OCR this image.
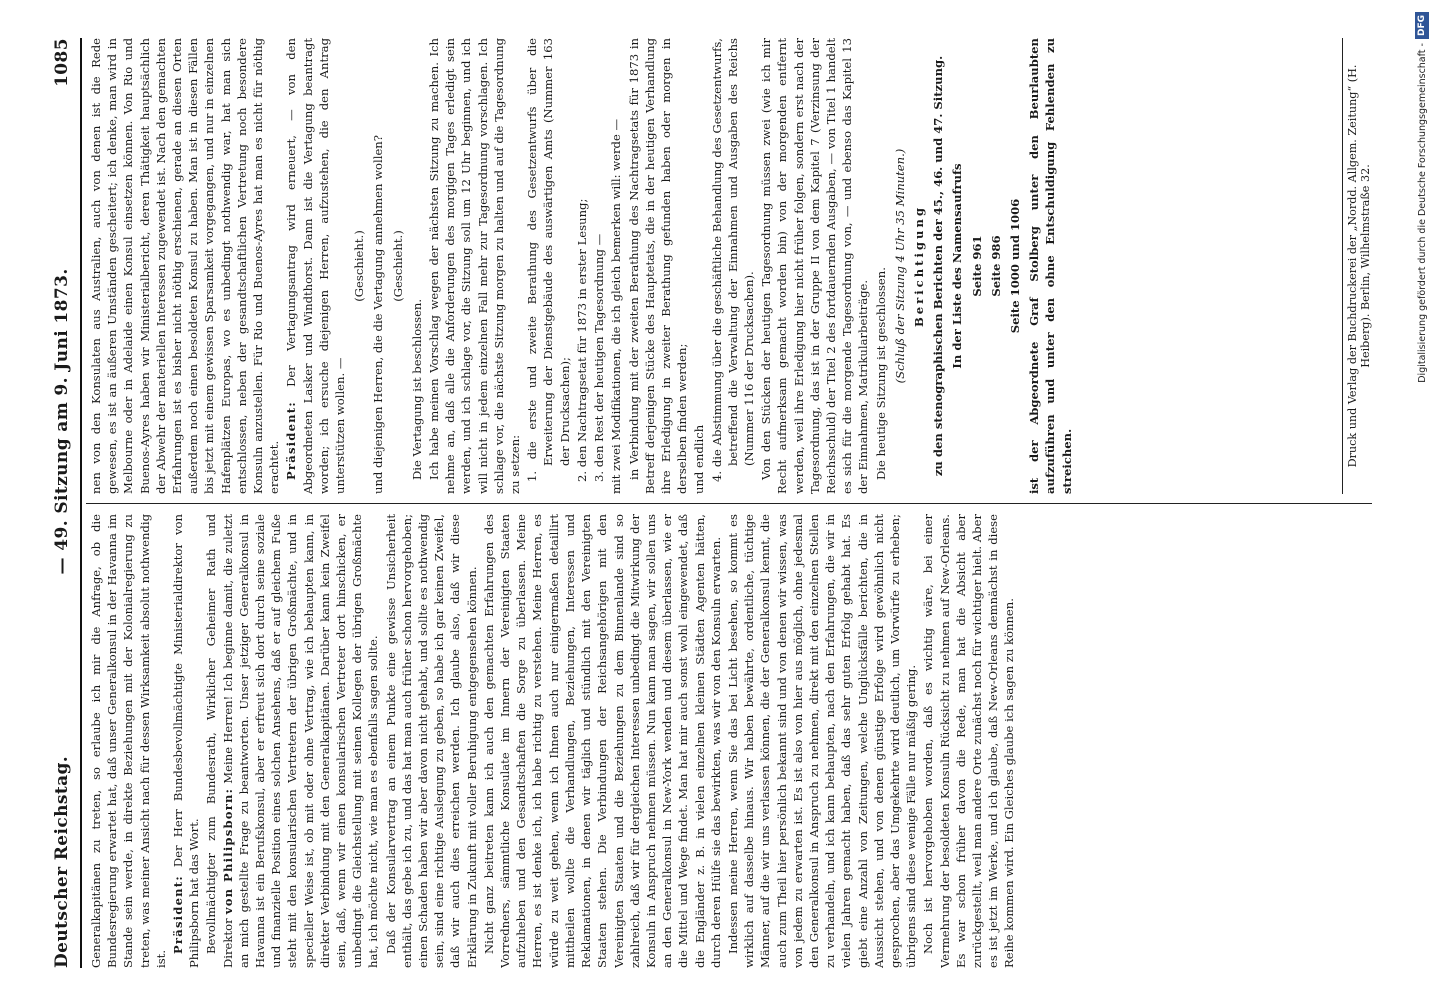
Deutscher Reichstag.
— 49. Sitzung am 9. Juni 1873.
1085

Generalkapitänen zu treten, so erlaube ich mir die Anfrage, ob die Bundesregierung erwartet hat, daß unser Generalkonsul in der Havanna im Stande sein werde, in direkte Beziehungen mit der Kolonialregierung zu treten, was meiner Ansicht nach für dessen Wirksamkeit absolut nothwendig ist.

Präsident: Der Herr Bundesbevollmächtigte Ministerialdirektor von Philipsborn hat das Wort. Bevollmächtigter zum Bundesrath, Wirklicher Geheimer Rath und Direktor von Philipsborn: Meine Herren! Ich beginne damit, die zuletzt an mich gestellte Frage zu beantworten. Unser jetziger Generalkonsul in Havanna ist ein Berufskonsul, aber er erfreut sich dort durch seine soziale und finanzielle Position eines solchen Ansehens, daß er auf gleichem Fuße steht mit den konsularischen Vertretern der übrigen Großmächte, und in specieller Weise ist, ob mit oder ohne Vertrag, wie ich behaupten kann, in direkter Verbindung mit den Generalkapitänen. Darüber kann kein Zweifel sein, daß, wenn wir einen konsularischen Vertreter dort hinschicken, er unbedingt die Gleichstellung mit seinen Kollegen der übrigen Großmächte hat, ich möchte nicht, wie man es ebenfalls sagen sollte. Daß der Konsularvertrag an einem Punkte eine gewisse Unsicherheit enthält, das gebe ich zu, und das hat man auch früher schon hervorgehoben; einen Schaden haben wir aber davon nicht gehabt, und sollte es nothwendig sein, sind eine richtige Auslegung zu geben, so habe ich gar keinen Zweifel, daß wir auch dies erreichen werden. Ich glaube also, daß wir diese Erklärung in Zukunft mit voller Beruhigung entgegensehen können. Nicht ganz beitreten kann ich auch den gemachten Erfahrungen des Vorredners, sämmtliche Konsulate im Innern der Vereinigten Staaten aufzuheben und den Gesandtschaften die Sorge zu überlassen. Meine Herren, es ist denke ich, ich habe richtig zu verstehen. Meine Herren, es würde zu weit gehen, wenn ich Ihnen auch nur einigermaßen detaillirt mittheilen wollte die Verhandlungen, Beziehungen, Interessen und Reklamationen, in denen wir täglich und stündlich mit den Vereinigten Staaten stehen. Die Verbindungen der Reichsangehörigen mit den Vereinigten Staaten und die Beziehungen zu dem Binnenlande sind so zahlreich, daß wir für dergleichen Interessen unbedingt die Mitwirkung der Konsuln in Anspruch nehmen müssen. Nun kann man sagen, wir sollen uns an den Generalkonsul in New-York wenden und diesem überlassen, wie er die Mittel und Wege findet. Man hat mir auch sonst wohl eingewendet, daß die Engländer z. B. in vielen einzelnen kleinen Städten Agenten hätten, durch deren Hülfe sie das bewirkten, was wir von den Konsuln erwarten. Indessen meine Herren, wenn Sie das bei Licht besehen, so kommt es wirklich auf dasselbe hinaus. Wir haben bewährte, ordentliche, tüchtige Männer, auf die wir uns verlassen können, die der Generalkonsul kennt, die auch zum Theil hier persönlich bekannt sind und von denen wir wissen, was von jedem zu erwarten ist. Es ist also von hier aus möglich, ohne jedesmal den Generalkonsul in Anspruch zu nehmen, direkt mit den einzelnen Stellen zu verhandeln, und ich kann behaupten, nach den Erfahrungen, die wir in vielen Jahren gemacht haben, daß das sehr guten Erfolg gehabt hat. Es giebt eine Anzahl von Zeitungen, welche Unglücksfälle berichten, die in Aussicht stehen, und von denen günstige Erfolge wird gewöhnlich nicht gesprochen, aber das Umgekehrte wird deutlich, um Vorwürfe zu erheben; übrigens sind diese wenige Fälle nur mäßig gering. Noch ist hervorgehoben worden, daß es wichtig wäre, bei einer Vermehrung der besoldeten Konsuln Rücksicht zu nehmen auf New-Orleans. Es war schon früher davon die Rede, man hat die Absicht aber zurückgestellt, weil man andere Orte zunächst noch für wichtiger hielt. Aber es ist jetzt im Werke, und ich glaube, daß New-Orleans demnächst in diese Reihe kommen wird. Ein Gleiches glaube ich sagen zu können.

nen von den Konsulaten aus Australien, auch von denen ist die Rede gewesen, es ist an äußeren Umständen gescheitert; ich denke, man wird in Melbourne oder in Adelaide einen Konsul einsetzen können. Von Rio und Buenos-Ayres haben wir Ministerialbericht, deren Thätigkeit hauptsächlich der Abwehr der materiellen Interessen zugewendet ist. Nach den gemachten Erfahrungen ist es bisher nicht nöthig erschienen, gerade an diesen Orten außerdem noch einen besoldeten Konsul zu haben. Man ist in diesen Fällen bis jetzt mit einem gewissen Sparsamkeit vorgegangen, und nur in einzelnen Hafenplätzen Europas, wo es unbedingt nothwendig war, hat man sich entschlossen, neben der gesandtschaftlichen Vertretung noch besondere Konsuln anzustellen. Für Rio und Buenos-Ayres hat man es nicht für nöthig erachtet. Präsident: Der Vertagungsantrag wird erneuert, — von den Abgeordneten Lasker und Windthorst. Dann ist die Vertagung beantragt worden; ich ersuche diejenigen Herren, aufzustehen, die den Antrag unterstützen wollen. —

(Geschieht.) und diejenigen Herren, die die Vertagung annehmen wollen? (Geschieht.)

Die Vertagung ist beschlossen. Ich habe meinen Vorschlag wegen der nächsten Sitzung zu machen. Ich nehme an, daß alle die Anforderungen des morgigen Tages erledigt sein werden, und ich schlage vor, die Sitzung soll um 12 Uhr beginnen, und ich will nicht in jedem einzelnen Fall mehr zur Tagesordnung vorschlagen. Ich schlage vor, die nächste Sitzung morgen zu halten und auf die Tagesordnung zu setzen: 1. die erste und zweite Berathung des Gesetzentwurfs über die Erweiterung der Dienstgebäude des auswärtigen Amts (Nummer 163 der Drucksachen); 2. den Nachtragsetat für 1873 in erster Lesung; 3. den Rest der heutigen Tagesordnung — mit zwei Modifikationen, die ich gleich bemerken will: werde — in Verbindung mit der zweiten Berathung des Nachtragsetats für 1873 in Betreff derjenigen Stücke des Hauptetats, die in der heutigen Verhandlung ihre Erledigung in zweiter Berathung gefunden haben oder morgen in derselben finden werden; und endlich 4. die Abstimmung über die geschäftliche Behandlung des Gesetzentwurfs, betreffend die Verwaltung der Einnahmen und Ausgaben des Reichs (Nummer 116 der Drucksachen). Von den Stücken der heutigen Tagesordnung müssen zwei (wie ich mir Recht aufmerksam gemacht worden bin) von der morgenden entfernt werden, weil ihre Erledigung hier nicht früher folgen, sondern erst nach der Tagesordnung, das ist in der Gruppe II von dem Kapitel 7 (Verzinsung der Reichsschuld) der Titel 2 des fortdauernden Ausgaben, — von Titel 1 handelt es sich für die morgende Tagesordnung von, — und ebenso das Kapitel 13 der Einnahmen, Matrikularbeiträge. Die heutige Sitzung ist geschlossen. (Schluß der Sitzung 4 Uhr 35 Minuten.) Berichtigung zu den stenographischen Berichten der 45., 46. und 47. Sitzung. In der Liste des Namensaufrufs Seite 961 Seite 986 Seite 1000 und 1006 ist der Abgeordnete Graf Stolberg unter den Beurlaubten aufzuführen und unter den ohne Entschuldigung Fehlenden zu streichen.	Druck und Verlag der Buchdruckerei der „Nordd. Allgem. Zeitung“ (H. Heiberg). Berlin, Wilhelmstraße 32.	Digitalisierung gefördert durch die Deutsche Forschungsgemeinschaft -
DFG
